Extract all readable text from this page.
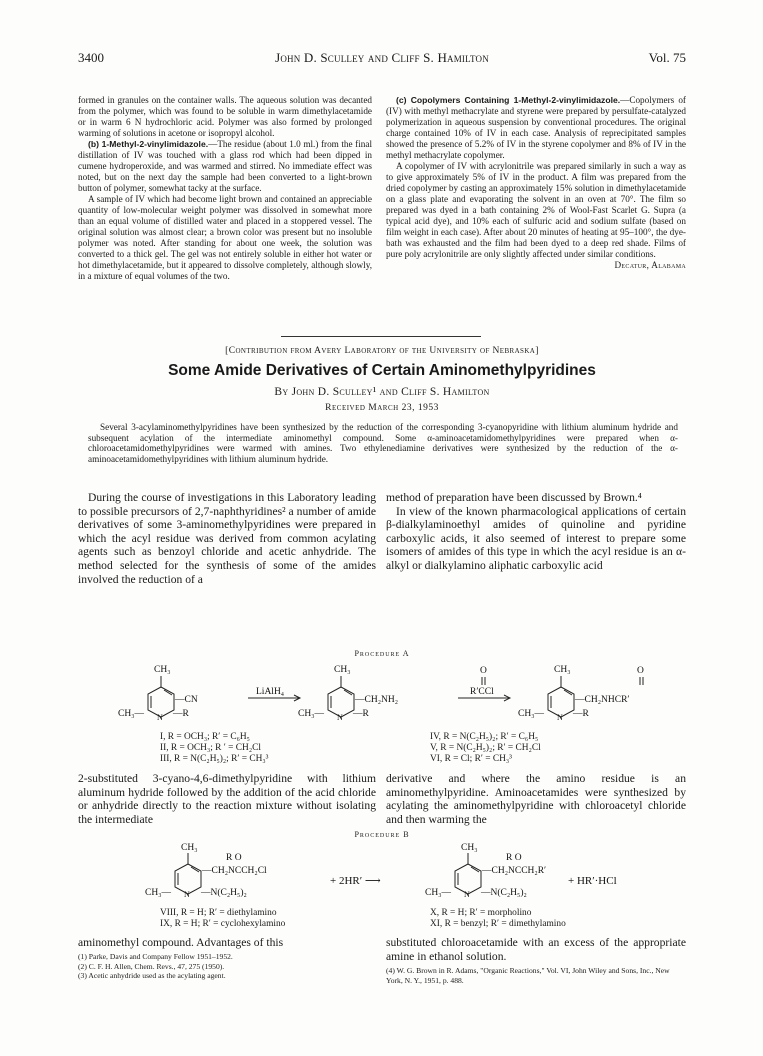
3400	John D. Sculley and Cliff S. Hamilton	Vol. 75

formed in granules on the container walls. The aqueous solution was decanted from the polymer, which was found to be soluble in warm dimethylacetamide or in warm 6 N hydrochloric acid. Polymer was also formed by prolonged warming of solutions in acetone or isopropyl alcohol.

(b) 1-Methyl-2-vinylimidazole.—The residue (about 1.0 ml.) from the final distillation of IV was touched with a glass rod which had been dipped in cumene hydroperoxide, and was warmed and stirred. No immediate effect was noted, but on the next day the sample had been converted to a light-brown button of polymer, somewhat tacky at the surface.

A sample of IV which had become light brown and contained an appreciable quantity of low-molecular weight polymer was dissolved in somewhat more than an equal volume of distilled water and placed in a stoppered vessel. The original solution was almost clear; a brown color was present but no insoluble polymer was noted. After standing for about one week, the solution was converted to a thick gel. The gel was not entirely soluble in either hot water or hot dimethylacetamide, but it appeared to dissolve completely, although slowly, in a mixture of equal volumes of the two.

(c) Copolymers Containing 1-Methyl-2-vinylimidazole.—Copolymers of (IV) with methyl methacrylate and styrene were prepared by persulfate-catalyzed polymerization in aqueous suspension by conventional procedures. The original charge contained 10% of IV in each case. Analysis of reprecipitated samples showed the presence of 5.2% of IV in the styrene copolymer and 8% of IV in the methyl methacrylate copolymer.

A copolymer of IV with acrylonitrile was prepared similarly in such a way as to give approximately 5% of IV in the product. A film was prepared from the dried copolymer by casting an approximately 15% solution in dimethylacetamide on a glass plate and evaporating the solvent in an oven at 70°. The film so prepared was dyed in a bath containing 2% of Wool-Fast Scarlet G. Supra (a typical acid dye), and 10% each of sulfuric acid and sodium sulfate (based on film weight in each case). After about 20 minutes of heating at 95–100°, the dye-bath was exhausted and the film had been dyed to a deep red shade. Films of pure poly acrylonitrile are only slightly affected under similar conditions.

Decatur, Alabama

[Contribution from Avery Laboratory of the University of Nebraska]
Some Amide Derivatives of Certain Aminomethylpyridines
By John D. Sculley¹ and Cliff S. Hamilton
Received March 23, 1953
Several 3-acylaminomethylpyridines have been synthesized by the reduction of the corresponding 3-cyanopyridine with lithium aluminum hydride and subsequent acylation of the intermediate aminomethyl compound. Some α-aminoacetamidomethylpyridines were prepared when α-chloroacetamidomethylpyridines were warmed with amines. Two ethylenediamine derivatives were synthesized by the reduction of the α-aminoacetamidomethylpyridines with lithium aluminum hydride.

During the course of investigations in this Laboratory leading to possible precursors of 2,7-naphthyridines² a number of amide derivatives of some 3-aminomethylpyridines were prepared in which the acyl residue was derived from common acylating agents such as benzoyl chloride and acetic anhydride. The method selected for the synthesis of some of the amides involved the reduction of a

method of preparation have been discussed by Brown.⁴

In view of the known pharmacological applications of certain β-dialkylaminoethyl amides of quinoline and pyridine carboxylic acids, it also seemed of interest to prepare some isomers of amides of this type in which the acyl residue is an α-alkyl or dialkylamino aliphatic carboxylic acid

Procedure A
CH₃
—CN
CH₃— N —R
LiAlH₄
CH₃
—CH₂NH₂
CH₃— N —R
O
R′CCl
CH₃	O
—CH₂NHCR′
CH₃— N —R
I, R = OCH₃; R′ = C₆H₅
II, R = OCH₃; R ′ = CH₂Cl
III, R = N(C₂H₅)₂; R′ = CH₃³
IV, R = N(C₂H₅)₂; R′ = C₆H₅
V, R = N(C₂H₅)₂; R′ = CH₂Cl
VI, R = Cl; R′ = CH₃³

2-substituted 3-cyano-4,6-dimethylpyridine with lithium aluminum hydride followed by the addition of the acid chloride or anhydride directly to the reaction mixture without isolating the intermediate

derivative and where the amino residue is an aminomethylpyridine. Aminoacetamides were synthesized by acylating the aminomethylpyridine with chloroacetyl chloride and then warming the

Procedure B
CH₃
R O
—CH₂NCCH₂Cl
CH₃— N —N(C₂H₅)₂
+ 2HR′ ⟶
CH₃
R O
—CH₂NCCH₂R′
CH₃— N —N(C₂H₅)₂
+ HR′·HCl
VIII, R = H; R′ = diethylamino
IX, R = H; R′ = cyclohexylamino
X, R = H; R′ = morpholino
XI, R = benzyl; R′ = dimethylamino

aminomethyl compound. Advantages of this	substituted chloroacetamide with an excess of the appropriate amine in ethanol solution.

(1) Parke, Davis and Company Fellow 1951–1952.
(2) C. F. H. Allen, Chem. Revs., 47, 275 (1950).
(3) Acetic anhydride used as the acylating agent.
(4) W. G. Brown in R. Adams, "Organic Reactions," Vol. VI, John Wiley and Sons, Inc., New York, N. Y., 1951, p. 488.
